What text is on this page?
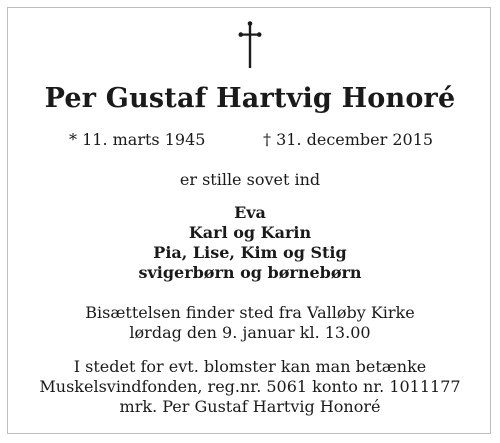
Per Gustaf Hartvig Honoré
* 11. marts 1945	† 31. december 2015
er stille sovet ind
Eva
Karl og Karin
Pia, Lise, Kim og Stig
svigerbørn og børnebørn
Bisættelsen finder sted fra Valløby Kirke
lørdag den 9. januar kl. 13.00
I stedet for evt. blomster kan man betænke
Muskelsvindfonden, reg.nr. 5061 konto nr. 1011177
mrk. Per Gustaf Hartvig Honoré
